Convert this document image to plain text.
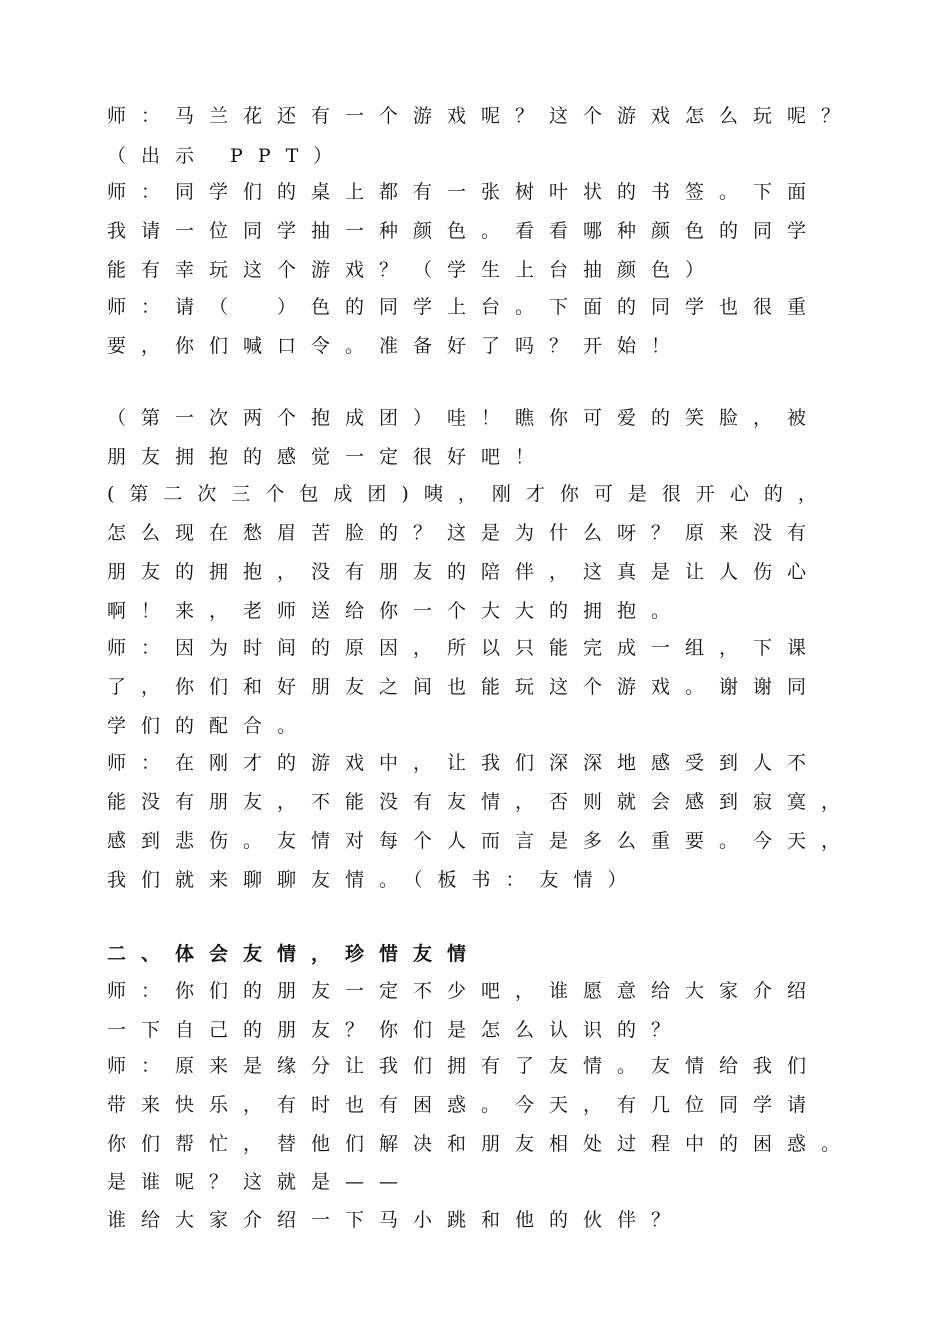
师：马兰花还有一个游戏呢？这个游戏怎么玩呢？
（出示 PPT）
师：同学们的桌上都有一张树叶状的书签。下面
我请一位同学抽一种颜色。看看哪种颜色的同学
能有幸玩这个游戏？（学生上台抽颜色）
师：请（　）色的同学上台。下面的同学也很重
要，你们喊口令。准备好了吗？开始！
（第一次两个抱成团）哇！瞧你可爱的笑脸，被
朋友拥抱的感觉一定很好吧！
(第二次三个包成团)咦，刚才你可是很开心的，
怎么现在愁眉苦脸的？这是为什么呀？原来没有
朋友的拥抱，没有朋友的陪伴，这真是让人伤心
啊！来，老师送给你一个大大的拥抱。
师：因为时间的原因，所以只能完成一组，下课
了，你们和好朋友之间也能玩这个游戏。谢谢同
学们的配合。
师：在刚才的游戏中，让我们深深地感受到人不
能没有朋友，不能没有友情，否则就会感到寂寞，
感到悲伤。友情对每个人而言是多么重要。今天，
我们就来聊聊友情。（板书：友情）
二、体会友情，珍惜友情
师：你们的朋友一定不少吧，谁愿意给大家介绍
一下自己的朋友？你们是怎么认识的？
师：原来是缘分让我们拥有了友情。友情给我们
带来快乐，有时也有困惑。今天，有几位同学请
你们帮忙，替他们解决和朋友相处过程中的困惑。
是谁呢？这就是——
谁给大家介绍一下马小跳和他的伙伴？
